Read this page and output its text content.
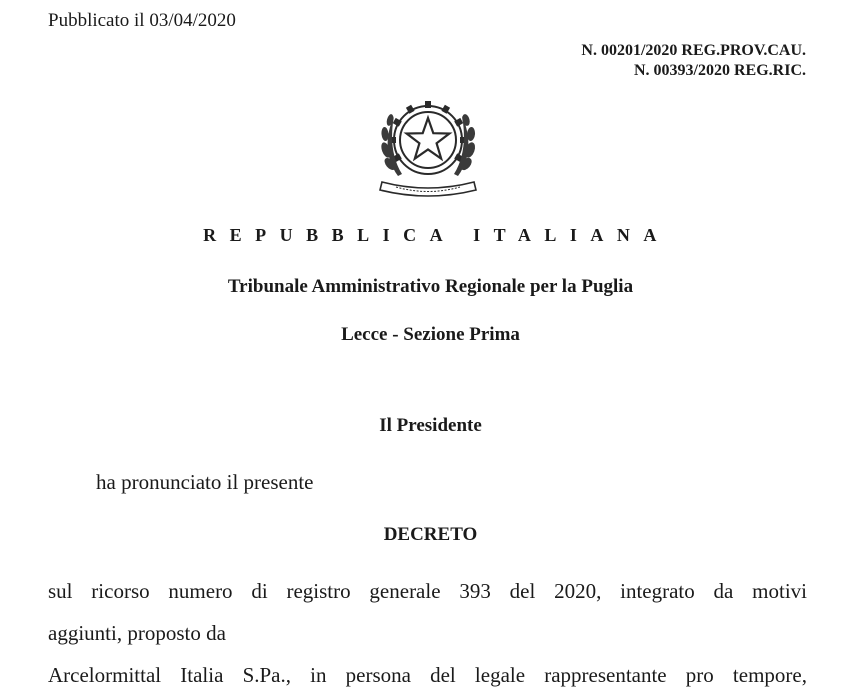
Pubblicato il 03/04/2020
N. 00201/2020 REG.PROV.CAU.
N. 00393/2020 REG.RIC.
REPUBBLICA ITALIANA
Tribunale Amministrativo Regionale per la Puglia
Lecce - Sezione Prima
Il Presidente
ha pronunciato il presente
DECRETO
sul ricorso numero di registro generale 393 del 2020, integrato da motivi
aggiunti, proposto da
Arcelormittal Italia S.Pa., in persona del legale rappresentante pro tempore,
